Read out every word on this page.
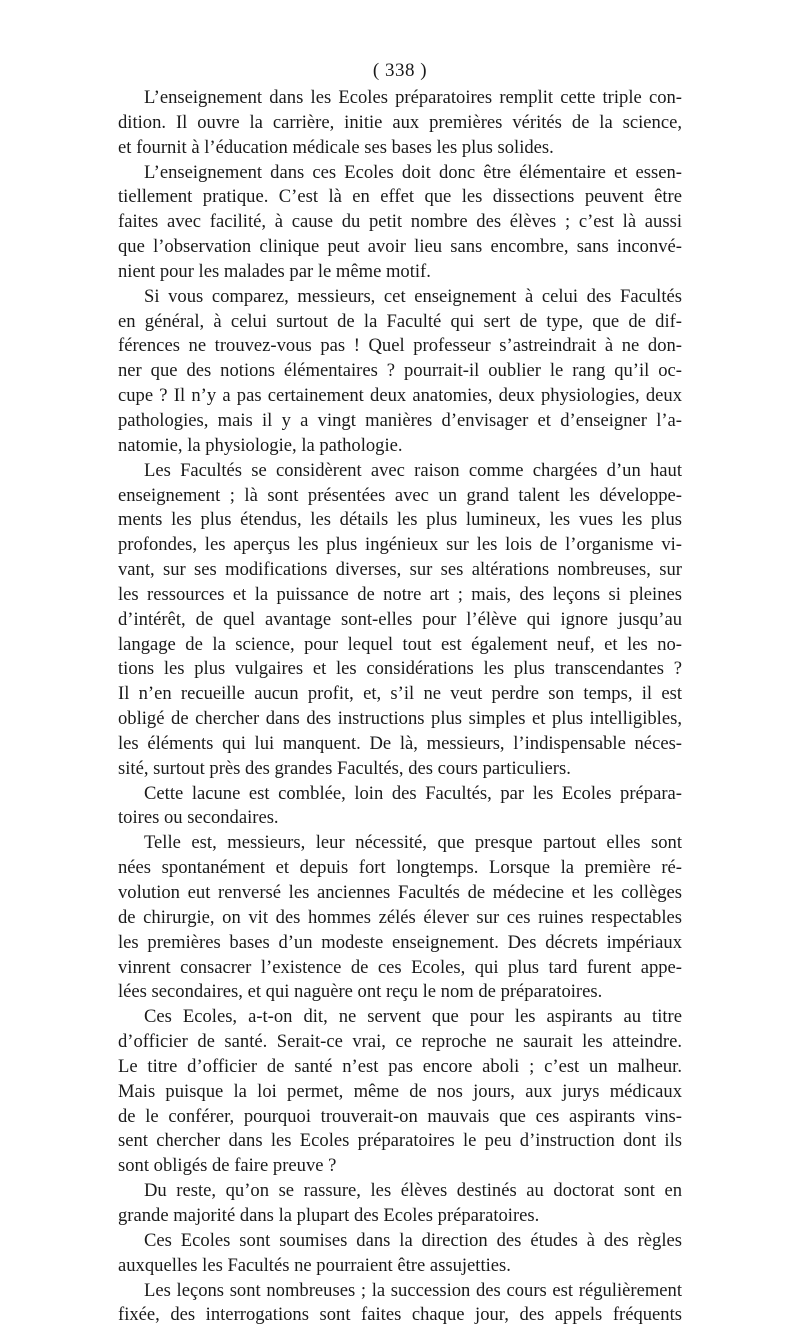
( 338 )

L’enseignement dans les Ecoles préparatoires remplit cette triple con-
dition. Il ouvre la carrière, initie aux premières vérités de la science,
et fournit à l’éducation médicale ses bases les plus solides.

L’enseignement dans ces Ecoles doit donc être élémentaire et essen-
tiellement pratique. C’est là en effet que les dissections peuvent être
faites avec facilité, à cause du petit nombre des élèves ; c’est là aussi
que l’observation clinique peut avoir lieu sans encombre, sans inconvé-
nient pour les malades par le même motif.

Si vous comparez, messieurs, cet enseignement à celui des Facultés
en général, à celui surtout de la Faculté qui sert de type, que de dif-
férences ne trouvez-vous pas ! Quel professeur s’astreindrait à ne don-
ner que des notions élémentaires ? pourrait-il oublier le rang qu’il oc-
cupe ? Il n’y a pas certainement deux anatomies, deux physiologies, deux
pathologies, mais il y a vingt manières d’envisager et d’enseigner l’a-
natomie, la physiologie, la pathologie.

Les Facultés se considèrent avec raison comme chargées d’un haut
enseignement ; là sont présentées avec un grand talent les développe-
ments les plus étendus, les détails les plus lumineux, les vues les plus
profondes, les aperçus les plus ingénieux sur les lois de l’organisme vi-
vant, sur ses modifications diverses, sur ses altérations nombreuses, sur
les ressources et la puissance de notre art ; mais, des leçons si pleines
d’intérêt, de quel avantage sont-elles pour l’élève qui ignore jusqu’au
langage de la science, pour lequel tout est également neuf, et les no-
tions les plus vulgaires et les considérations les plus transcendantes ?
Il n’en recueille aucun profit, et, s’il ne veut perdre son temps, il est
obligé de chercher dans des instructions plus simples et plus intelligibles,
les éléments qui lui manquent. De là, messieurs, l’indispensable néces-
sité, surtout près des grandes Facultés, des cours particuliers.

Cette lacune est comblée, loin des Facultés, par les Ecoles prépara-
toires ou secondaires.

Telle est, messieurs, leur nécessité, que presque partout elles sont
nées spontanément et depuis fort longtemps. Lorsque la première ré-
volution eut renversé les anciennes Facultés de médecine et les collèges
de chirurgie, on vit des hommes zélés élever sur ces ruines respectables
les premières bases d’un modeste enseignement. Des décrets impériaux
vinrent consacrer l’existence de ces Ecoles, qui plus tard furent appe-
lées secondaires, et qui naguère ont reçu le nom de préparatoires.

Ces Ecoles, a-t-on dit, ne servent que pour les aspirants au titre
d’officier de santé. Serait-ce vrai, ce reproche ne saurait les atteindre.
Le titre d’officier de santé n’est pas encore aboli ; c’est un malheur.
Mais puisque la loi permet, même de nos jours, aux jurys médicaux
de le conférer, pourquoi trouverait-on mauvais que ces aspirants vins-
sent chercher dans les Ecoles préparatoires le peu d’instruction dont ils
sont obligés de faire preuve ?

Du reste, qu’on se rassure, les élèves destinés au doctorat sont en
grande majorité dans la plupart des Ecoles préparatoires.

Ces Ecoles sont soumises dans la direction des études à des règles
auxquelles les Facultés ne pourraient être assujetties.

Les leçons sont nombreuses ; la succession des cours est régulièrement
fixée, des interrogations sont faites chaque jour, des appels fréquents
